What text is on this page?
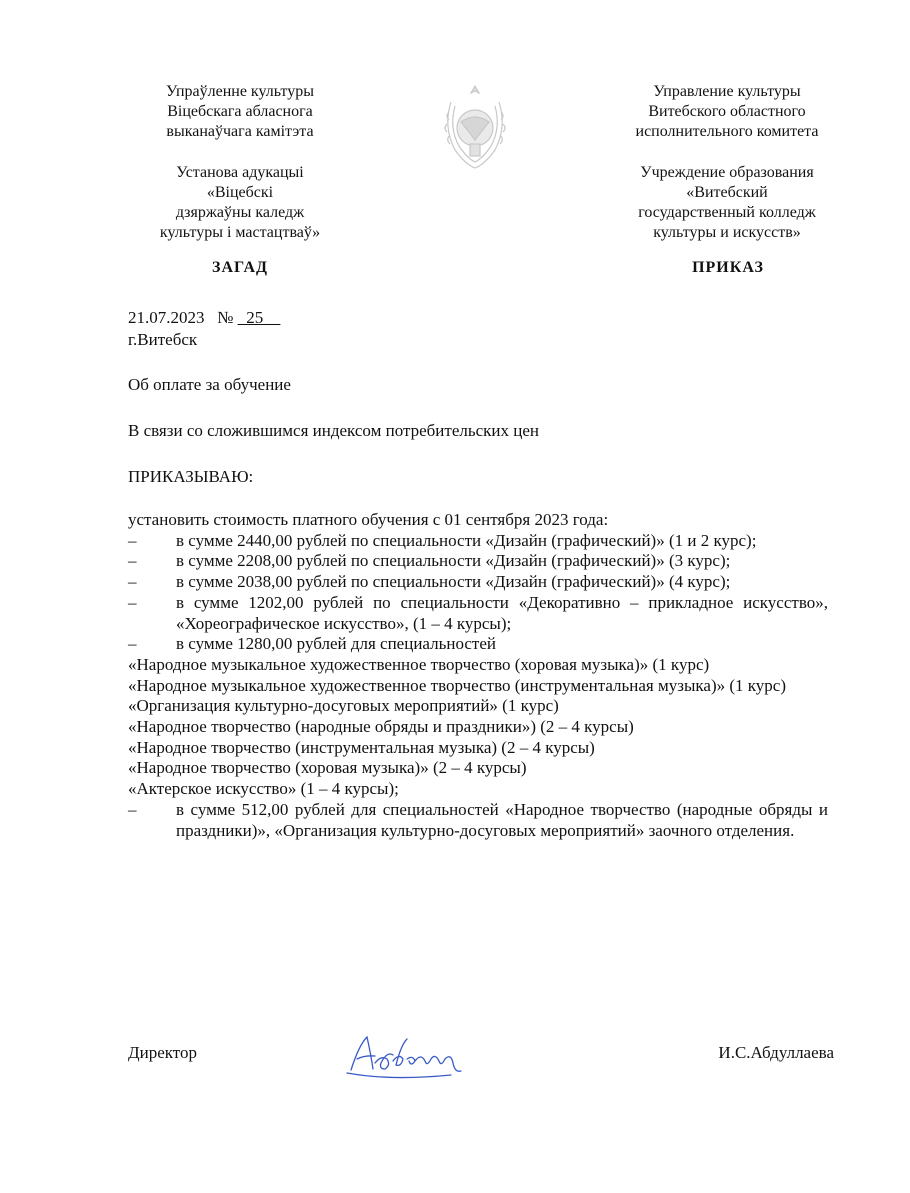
Упраўленне культуры
Віцебскага абласнога
выканаўчага камітэта
Установа адукацыі
«Віцебскі
дзяржаўны каледж
культуры і мастацтваў»
Управление культуры
Витебского областного
исполнительного комитета
Учреждение образования
«Витебский
государственный колледж
культуры и искусств»
ЗАГАД	ПРИКАЗ
21.07.2023 № _25__
г.Витебск
Об оплате за обучение
В связи со сложившимся индексом потребительских цен
ПРИКАЗЫВАЮ:
установить стоимость платного обучения с 01 сентября 2023 года:
–	в сумме 2440,00 рублей по специальности «Дизайн (графический)» (1 и 2 курс);
–	в сумме 2208,00 рублей по специальности «Дизайн (графический)» (3 курс);
–	в сумме 2038,00 рублей по специальности «Дизайн (графический)» (4 курс);
–	в сумме 1202,00 рублей по специальности «Декоративно – прикладное искусство», «Хореографическое искусство», (1 – 4 курсы);
–	в сумме 1280,00 рублей для специальностей
«Народное музыкальное художественное творчество (хоровая музыка)» (1 курс)
«Народное музыкальное художественное творчество (инструментальная музыка)» (1 курс)
«Организация культурно-досуговых мероприятий» (1 курс)
«Народное творчество (народные обряды и праздники») (2 – 4 курсы)
«Народное творчество (инструментальная музыка) (2 – 4 курсы)
«Народное творчество (хоровая музыка)» (2 – 4 курсы)
«Актерское искусство» (1 – 4 курсы);
–	в сумме 512,00 рублей для специальностей «Народное творчество (народные обряды и праздники)», «Организация культурно-досуговых мероприятий» заочного отделения.
Директор	И.С.Абдуллаева
